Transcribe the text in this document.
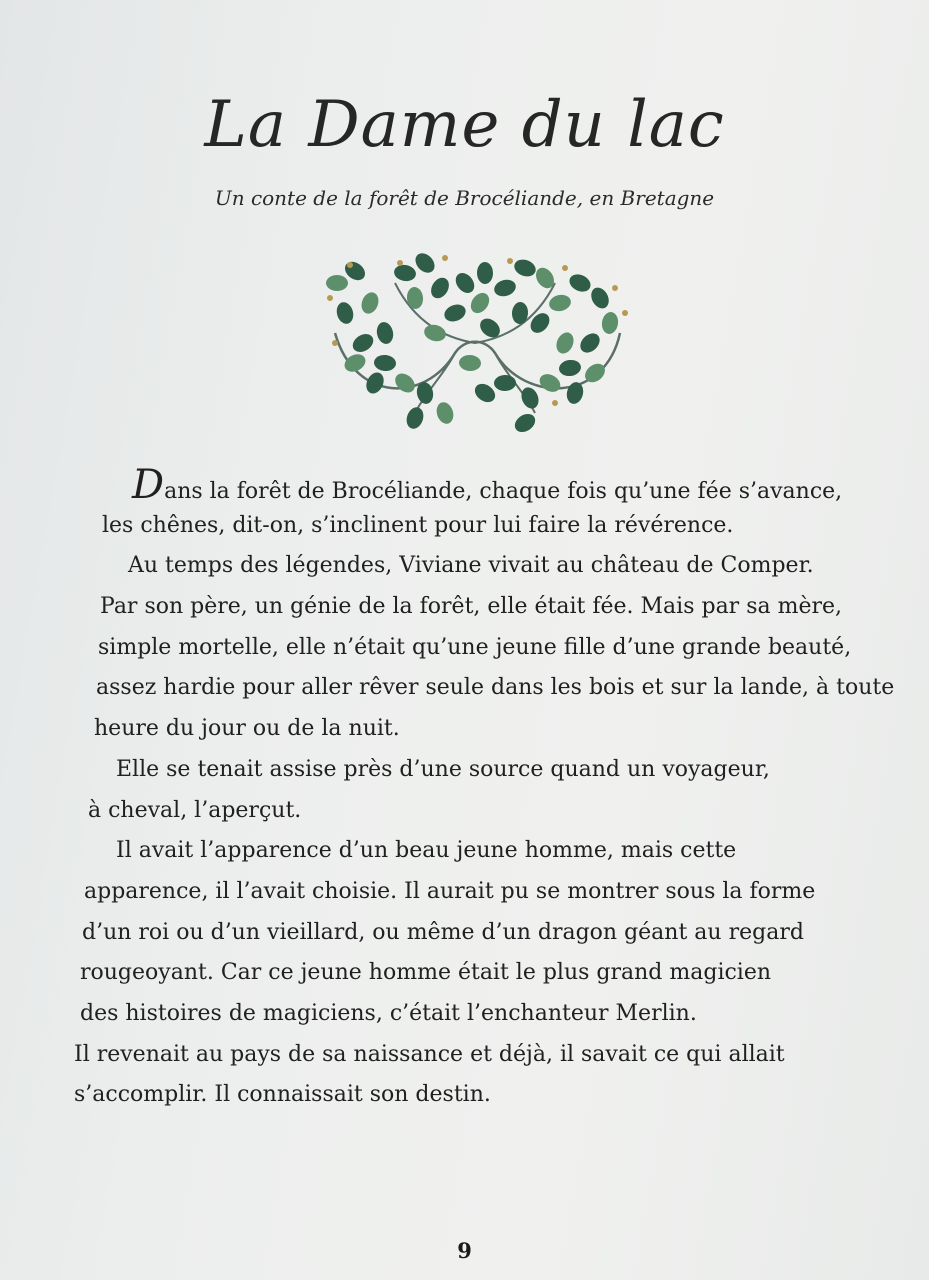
La Dame du lac

Un conte de la forêt de Brocéliande, en Bretagne

Dans la forêt de Brocéliande, chaque fois qu’une fée s’avance,
les chênes, dit-on, s’inclinent pour lui faire la révérence.
Au temps des légendes, Viviane vivait au château de Comper.
Par son père, un génie de la forêt, elle était fée. Mais par sa mère,
simple mortelle, elle n’était qu’une jeune fille d’une grande beauté,
assez hardie pour aller rêver seule dans les bois et sur la lande, à toute
heure du jour ou de la nuit.
Elle se tenait assise près d’une source quand un voyageur,
à cheval, l’aperçut.
Il avait l’apparence d’un beau jeune homme, mais cette
apparence, il l’avait choisie. Il aurait pu se montrer sous la forme
d’un roi ou d’un vieillard, ou même d’un dragon géant au regard
rougeoyant. Car ce jeune homme était le plus grand magicien
des histoires de magiciens, c’était l’enchanteur Merlin.
Il revenait au pays de sa naissance et déjà, il savait ce qui allait
s’accomplir. Il connaissait son destin.
9
